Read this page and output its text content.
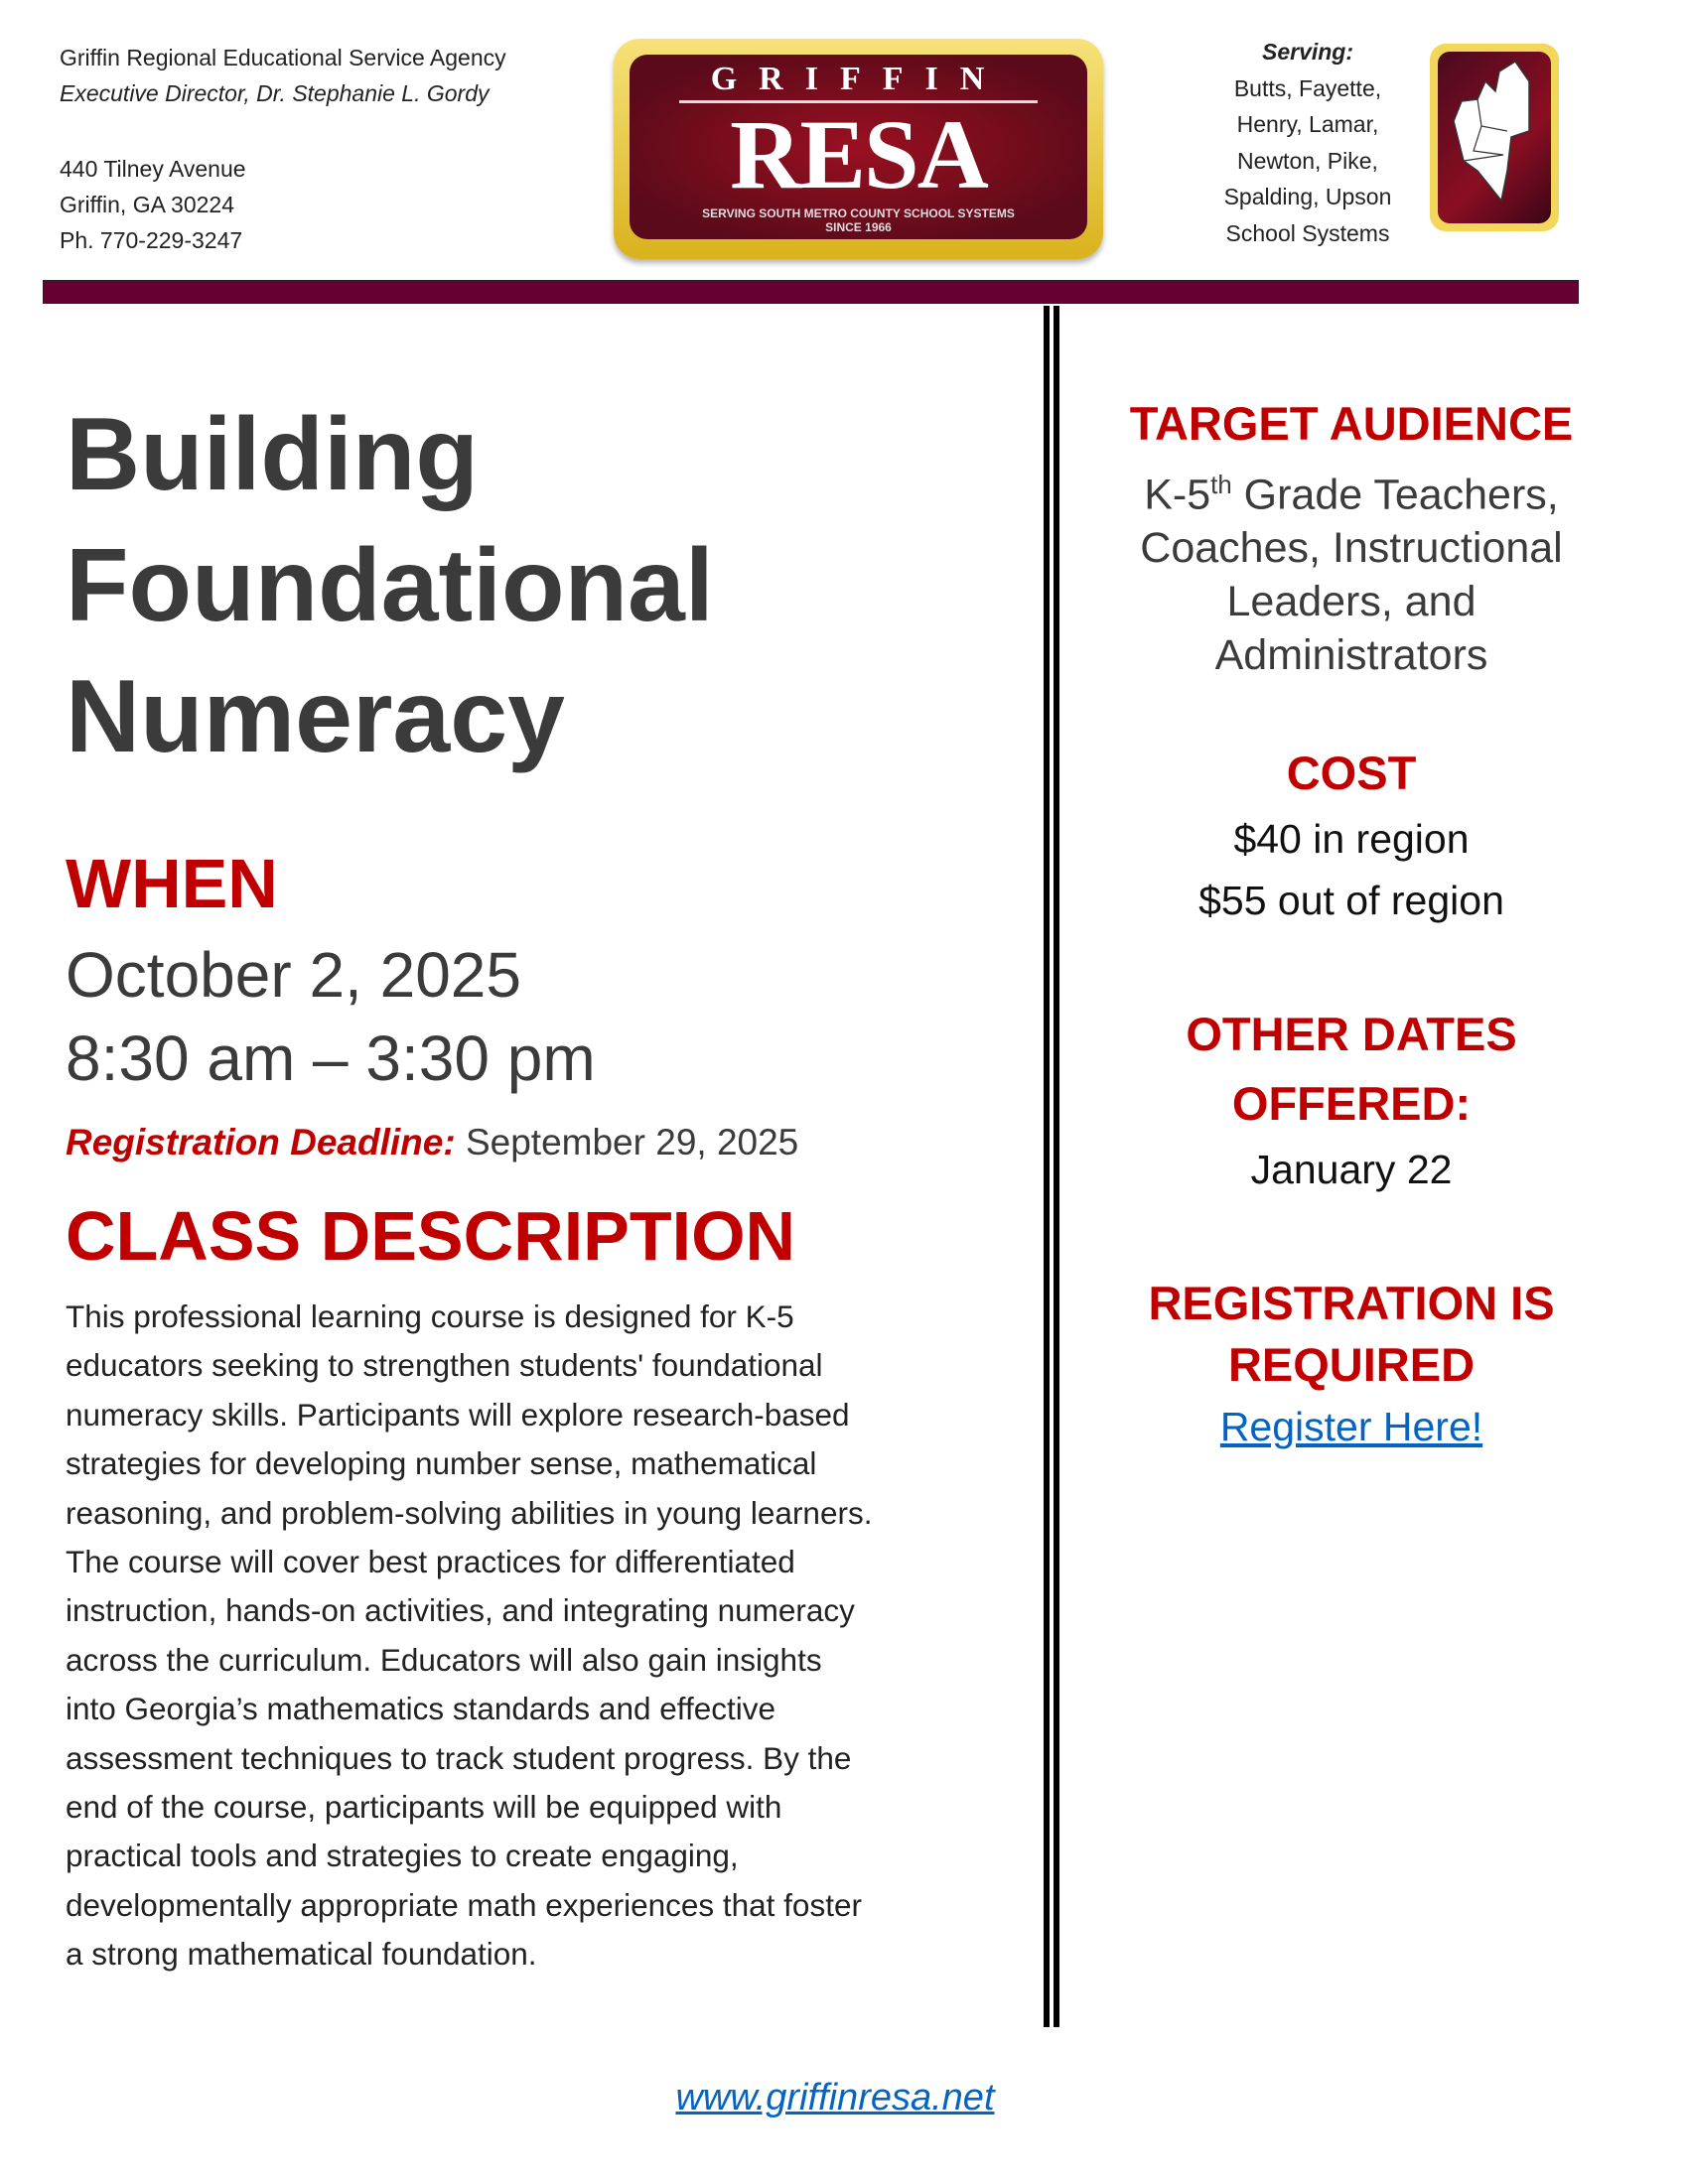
Griffin Regional Educational Service Agency
Executive Director, Dr. Stephanie L. Gordy
440 Tilney Avenue
Griffin, GA 30224
Ph. 770-229-3247
GRIFFIN
RESA
SERVING SOUTH METRO COUNTY SCHOOL SYSTEMS
SINCE 1966
Serving:
Butts, Fayette,
Henry, Lamar,
Newton, Pike,
Spalding, Upson
School Systems
Building
Foundational
Numeracy
WHEN
October 2, 2025
8:30 am – 3:30 pm
Registration Deadline: September 29, 2025
CLASS DESCRIPTION
This professional learning course is designed for K-5
educators seeking to strengthen students' foundational
numeracy skills. Participants will explore research-based
strategies for developing number sense, mathematical
reasoning, and problem-solving abilities in young learners.
The course will cover best practices for differentiated
instruction, hands-on activities, and integrating numeracy
across the curriculum. Educators will also gain insights
into Georgia’s mathematics standards and effective
assessment techniques to track student progress. By the
end of the course, participants will be equipped with
practical tools and strategies to create engaging,
developmentally appropriate math experiences that foster
a strong mathematical foundation.
TARGET AUDIENCE
K-5th Grade Teachers,
Coaches, Instructional
Leaders, and
Administrators
COST
$40 in region
$55 out of region
OTHER DATES
OFFERED:
January 22
REGISTRATION IS
REQUIRED
Register Here!
www.griffinresa.net
